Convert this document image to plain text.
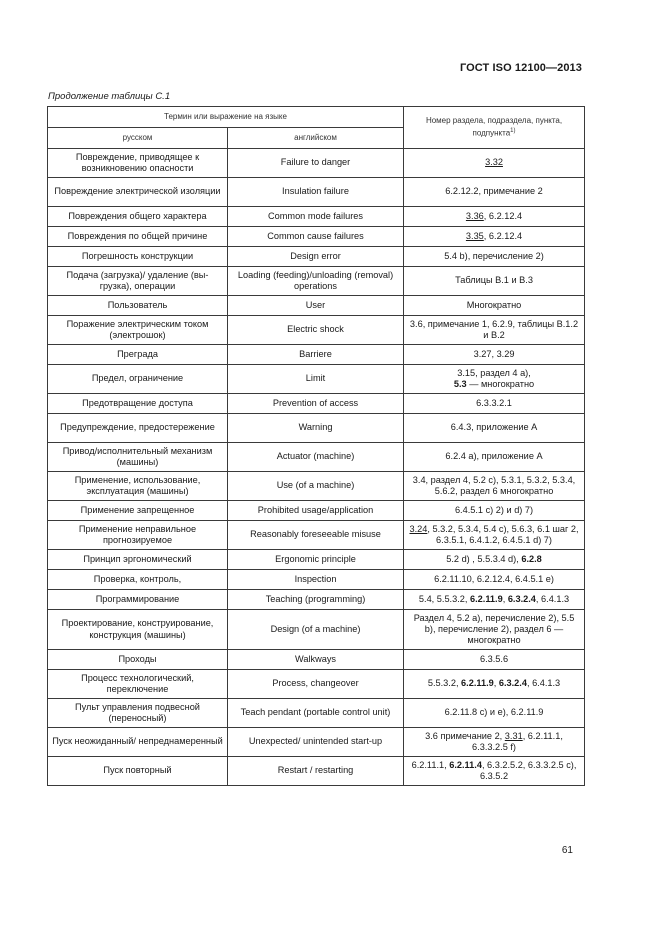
ГОСТ ISO 12100—2013
Продолжение таблицы С.1
Термин или выражение на языке		Номер раздела, подраздела, пункта, подпункта$^{1)}$
русском	английском	
Повреждение, приводящее к возникновению опасности	Failure to danger	3.32
Повреждение электрической изоляции	Insulation failure	6.2.12.2, примечание 2
Повреждения общего характера	Common mode failures	3.36, 6.2.12.4
Повреждения по общей причине	Common cause failures	3.35, 6.2.12.4
Погрешность конструкции	Design error	5.4 b), перечисление 2)
Подача (загрузка)/ удаление (вы-грузка), операции	Loading (feeding)/unloading (removal) operations	Таблицы В.1 и В.3
Пользователь	User	Многократно
Поражение электрическим током (электрошок)	Electric shock	3.6, примечание 1, 6.2.9, таблицы В.1.2 и В.2
Преграда	Barriere	3.27, 3.29
Предел, ограничение	Limit	3.15, раздел 4 а),
5.3 — многократно
Предотвращение доступа	Prevention of access	6.3.3.2.1
Предупреждение, предостережение	Warning	6.4.3, приложение А
Привод/исполнительный механизм (машины)	Actuator (machine)	6.2.4 а), приложение А
Применение, использование, эксплуатация (машины)	Use (of a machine)	3.4, раздел 4, 5.2 с), 5.3.1, 5.3.2, 5.3.4, 5.6.2, раздел 6 многократно
Применение запрещенное	Prohibited usage/application	6.4.5.1 с) 2) и d) 7)
Применение неправильное прогнозируемое	Reasonably foreseeable misuse	3.24, 5.3.2, 5.3.4, 5.4 c), 5.6.3, 6.1 шаг 2, 6.3.5.1, 6.4.1.2, 6.4.5.1 d) 7)
Принцип эргономический	Ergonomic principle	5.2 d) , 5.5.3.4 d), 6.2.8
Проверка, контроль,	Inspection	6.2.11.10, 6.2.12.4, 6.4.5.1 е)
Программирование	Teaching (programming)	5.4, 5.5.3.2, 6.2.11.9, 6.3.2.4, 6.4.1.3
Проектирование, конструирование, конструкция (машины)	Design (of a machine)	Раздел 4, 5.2 а), перечисление 2), 5.5 b), перечисление 2), раздел 6 — многократно
Проходы	Walkways	6.3.5.6
Процесс технологический, переключение	Process, changeover	5.5.3.2, 6.2.11.9, 6.3.2.4, 6.4.1.3
Пульт управления подвесной (переносный)	Teach pendant (portable control unit)	6.2.11.8 c) и e), 6.2.11.9
Пуск неожиданный/ непреднамеренный	Unexpected/ unintended start-up	3.6 примечание 2, 3.31, 6.2.11.1, 6.3.3.2.5 f)
Пуск повторный	Restart / restarting	6.2.11.1, 6.2.11.4, 6.3.2.5.2, 6.3.3.2.5 c), 6.3.5.2
61
